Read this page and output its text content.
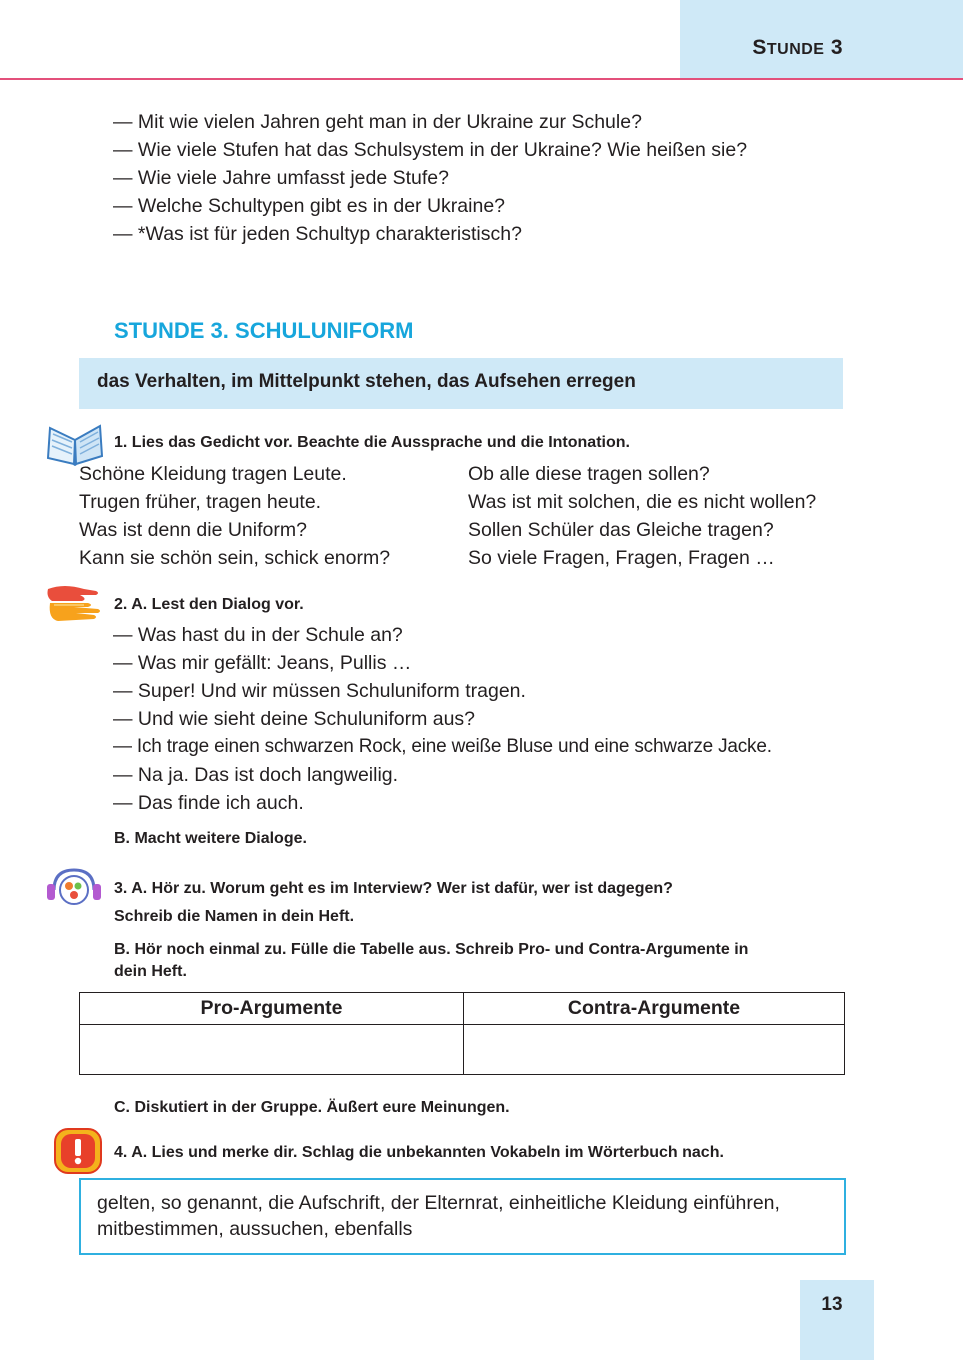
STUNDE 3
— Mit wie vielen Jahren geht man in der Ukraine zur Schule?
— Wie viele Stufen hat das Schulsystem in der Ukraine? Wie heißen sie?
— Wie viele Jahre umfasst jede Stufe?
— Welche Schultypen gibt es in der Ukraine?
— *Was ist für jeden Schultyp charakteristisch?
STUNDE 3. SCHULUNIFORM
das Verhalten, im Mittelpunkt stehen, das Aufsehen erregen
1. Lies das Gedicht vor. Beachte die Aussprache und die Intonation.
Schöne Kleidung tragen Leute.
Trugen früher, tragen heute.
Was ist denn die Uniform?
Kann sie schön sein, schick enorm?
Ob alle diese tragen sollen?
Was ist mit solchen, die es nicht wollen?
Sollen Schüler das Gleiche tragen?
So viele Fragen, Fragen, Fragen …
2. A. Lest den Dialog vor.
— Was hast du in der Schule an?
— Was mir gefällt: Jeans, Pullis …
— Super! Und wir müssen Schuluniform tragen.
— Und wie sieht deine Schuluniform aus?
— Ich trage einen schwarzen Rock, eine weiße Bluse und eine schwarze Jacke.
— Na ja. Das ist doch langweilig.
— Das finde ich auch.
B. Macht weitere Dialoge.
3. A. Hör zu. Worum geht es im Interview? Wer ist dafür, wer ist dagegen?
Schreib die Namen in dein Heft.
B. Hör noch einmal zu. Fülle die Tabelle aus. Schreib Pro- und Contra-Argumente in
dein Heft.
Pro-Argumente	Contra-Argumente

C. Diskutiert in der Gruppe. Äußert eure Meinungen.
4. A. Lies und merke dir. Schlag die unbekannten Vokabeln im Wörterbuch nach.
gelten, so genannt, die Aufschrift, der Elternrat, einheitliche Kleidung einführen, mitbestimmen, aussuchen, ebenfalls
13
